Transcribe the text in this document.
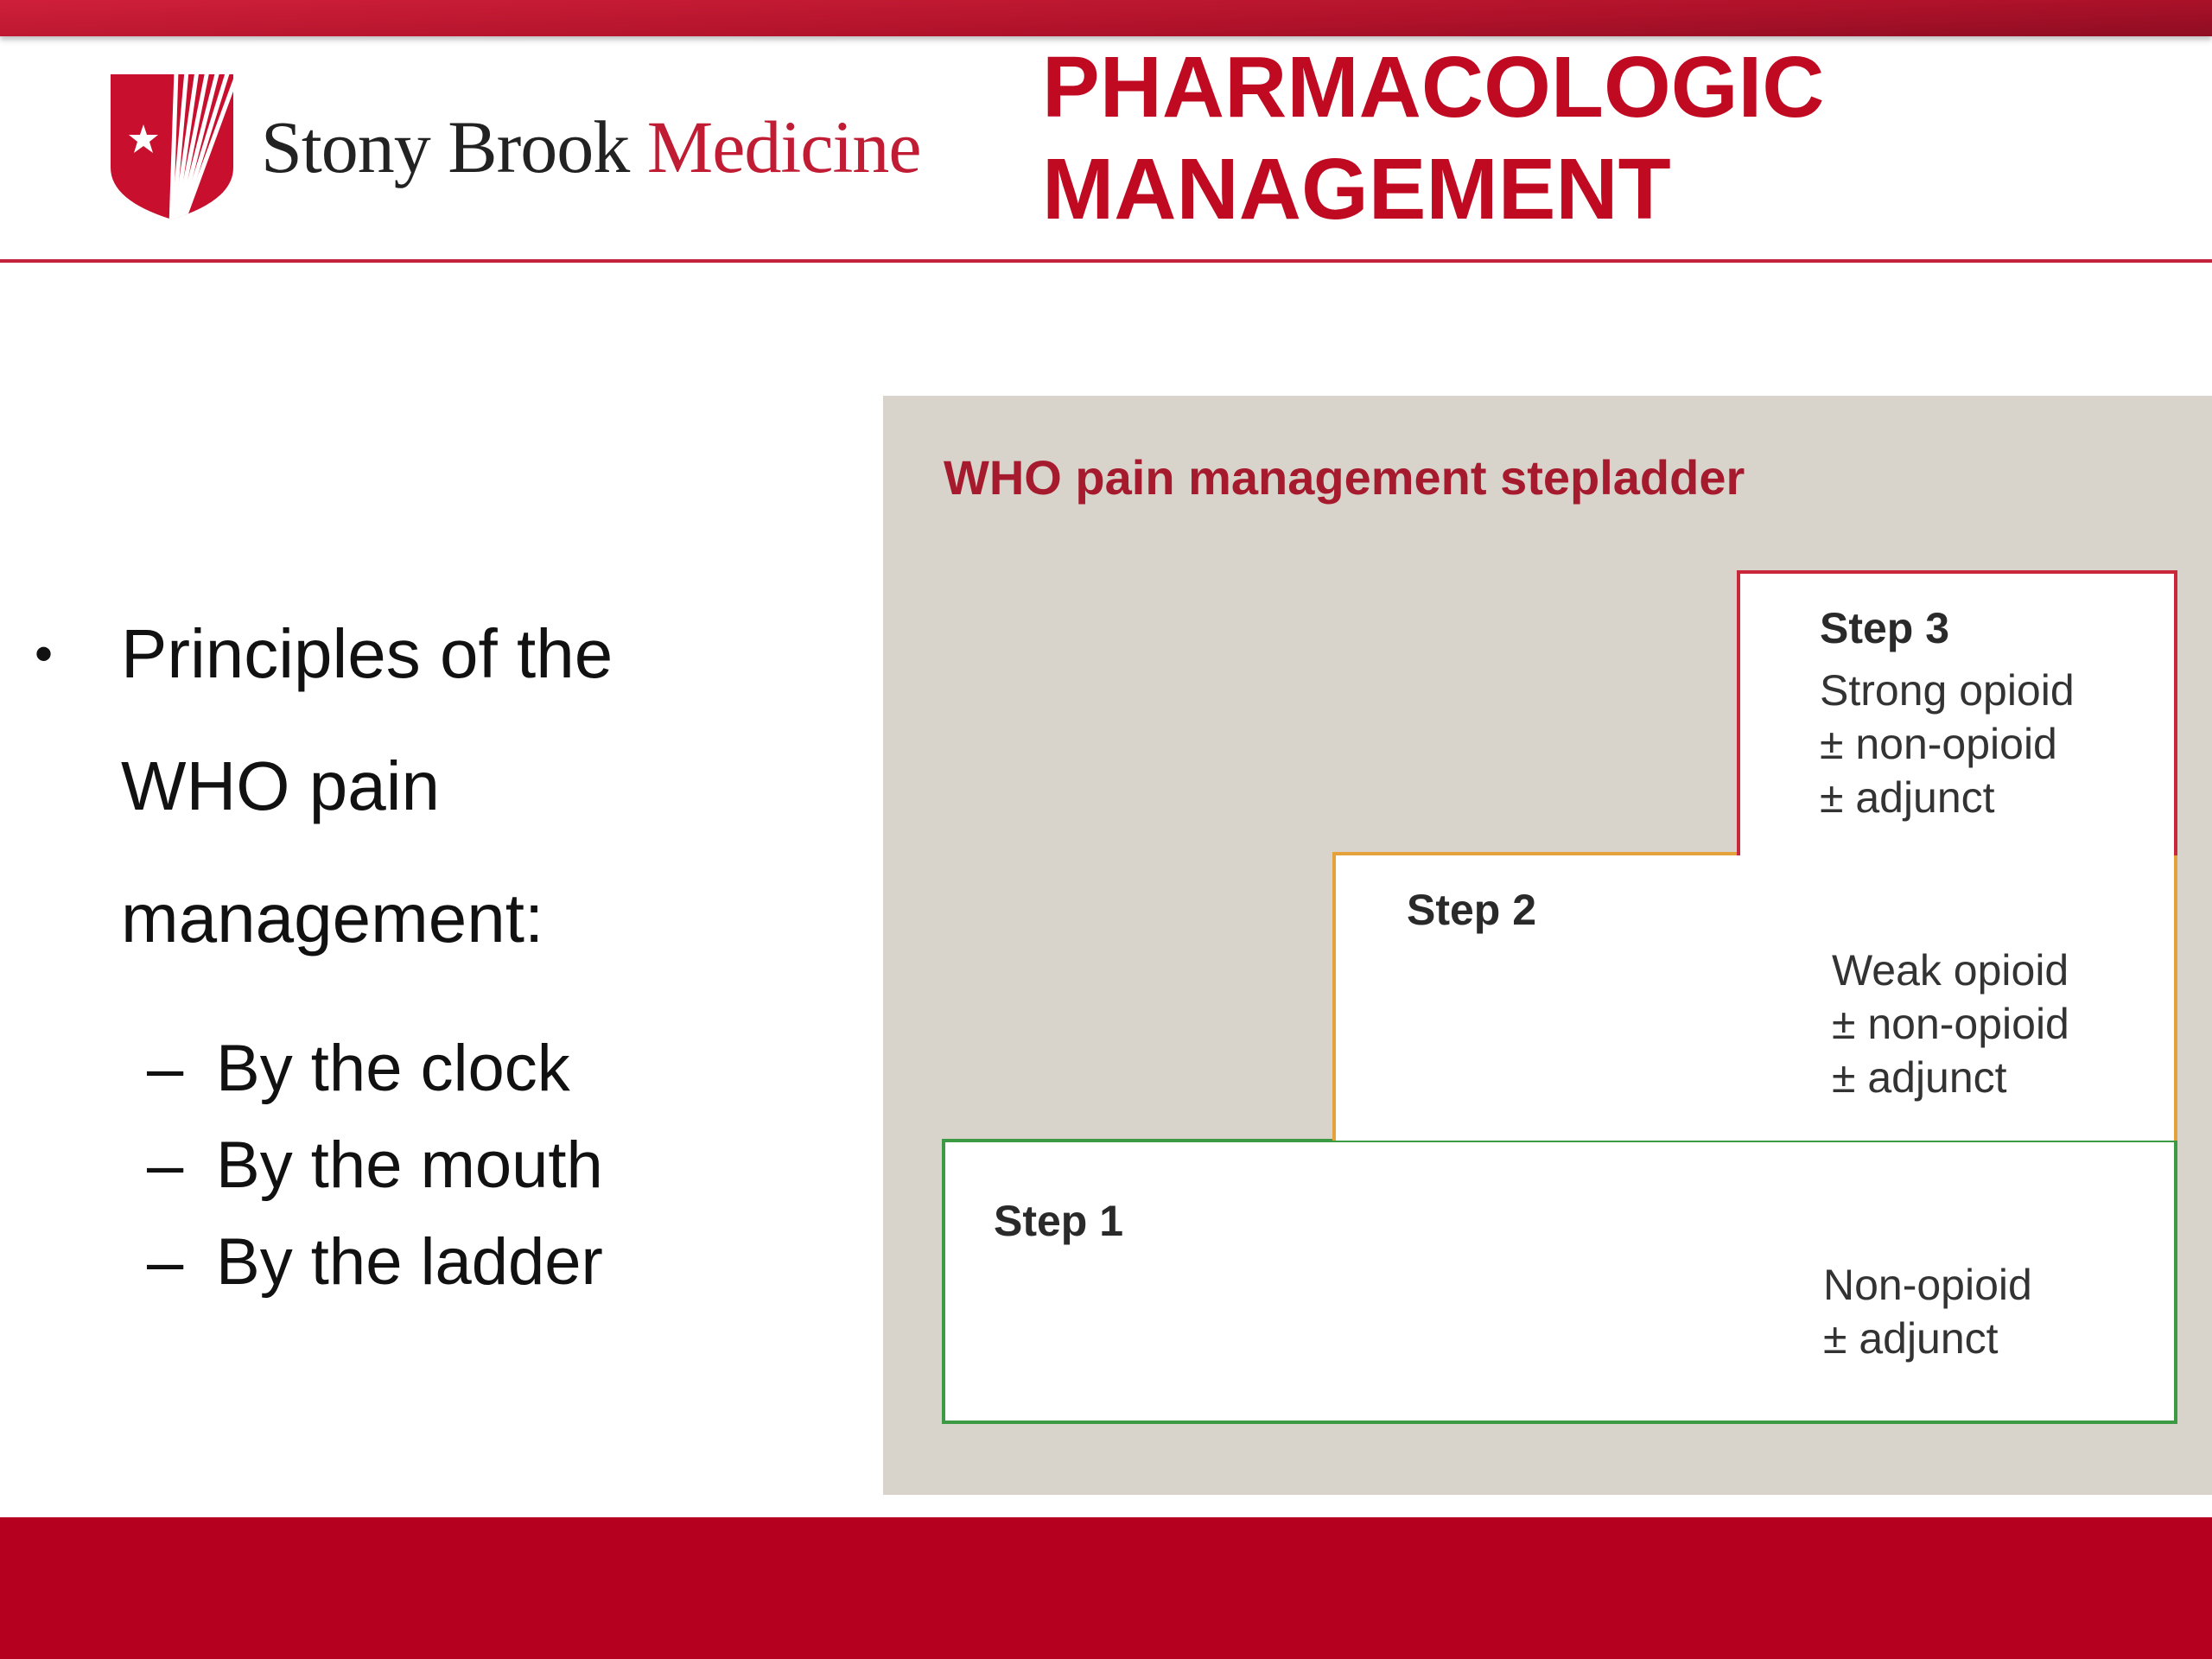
Stony Brook Medicine
PHARMACOLOGIC
MANAGEMENT
• Principles of the
WHO pain
management:
– By the clock
– By the mouth
– By the ladder
WHO pain management stepladder
Step 1
Non-opioid
± adjunct
Step 2
Weak opioid
± non-opioid
± adjunct
Step 3
Strong opioid
± non-opioid
± adjunct
